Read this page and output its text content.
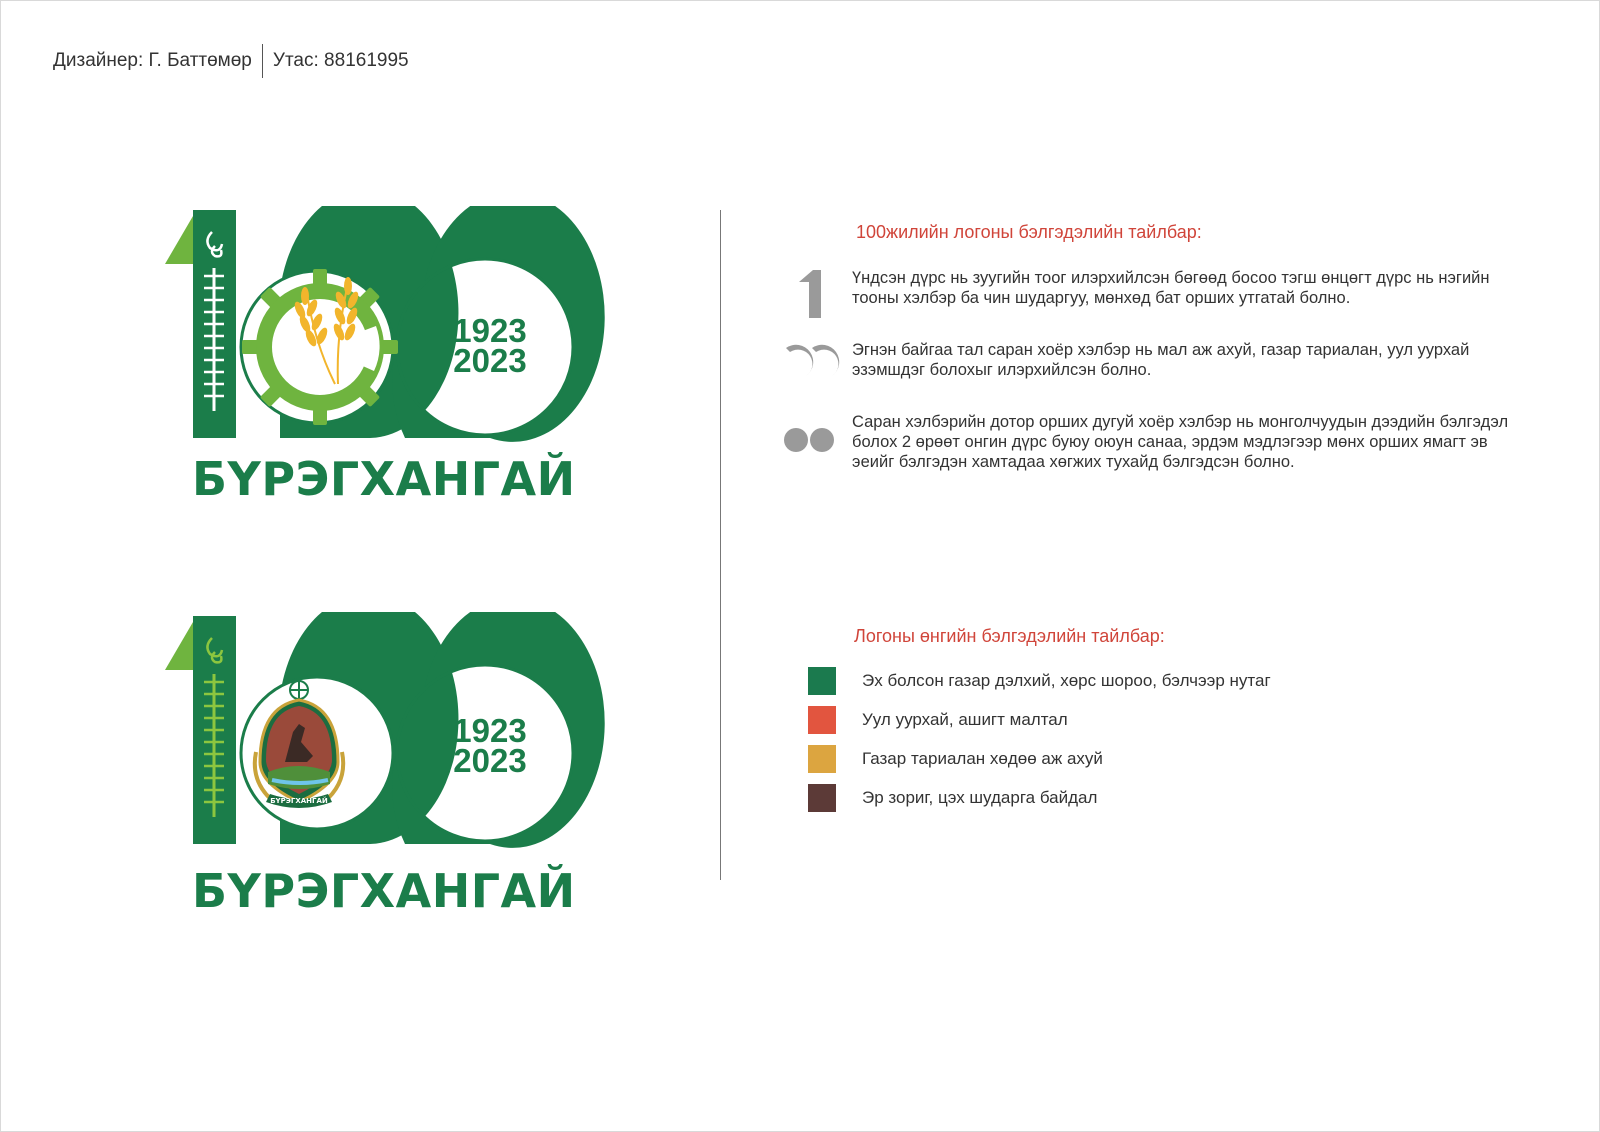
Дизайнер: Г. Баттөмөр Утас: 88161995
1923
2023
БҮРЭГХАНГАЙ
БҮРЭГХАНГАЙ
1923
2023
БҮРЭГХАНГАЙ
100жилийн логоны бэлгэдэлийн тайлбар:
Үндсэн дүрс нь зуугийн тоог илэрхийлсэн бөгөөд босоо тэгш өнцөгт дүрс нь нэгийн тооны хэлбэр ба чин шударгуу, мөнхөд бат орших утгатай болно.
Эгнэн байгаа тал саран хоёр хэлбэр нь мал аж ахуй, газар тариалан, уул уурхай эзэмшдэг болохыг илэрхийлсэн болно.
Саран хэлбэрийн дотор орших дугуй хоёр хэлбэр нь монголчуудын дээдийн бэлгэдэл болох 2 өрөөт онгин дүрс буюу оюун санаа, эрдэм мэдлэгээр мөнх орших ямагт эв эеийг бэлгэдэн хамтадаа хөгжих тухайд бэлгэдсэн болно.
Логоны өнгийн бэлгэдэлийн тайлбар:
Эх болсон газар дэлхий, хөрс шороо, бэлчээр нутаг
Уул уурхай, ашигт малтал
Газар тариалан хөдөө аж ахуй
Эр зориг, цэх шударга байдал
